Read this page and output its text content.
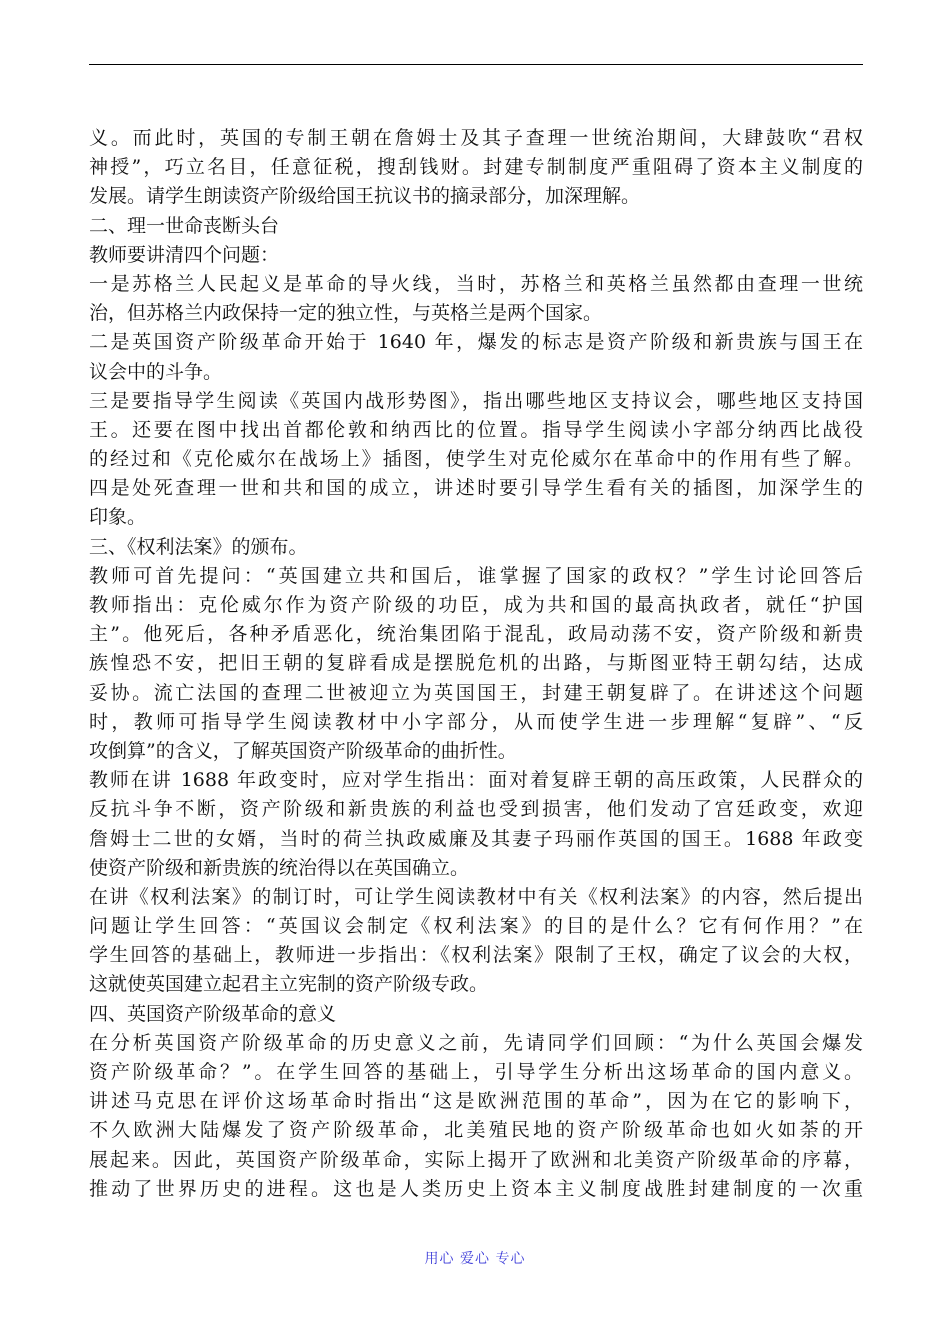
义。而此时，英国的专制王朝在詹姆士及其子查理一世统治期间，大肆鼓吹“君权
神授”，巧立名目，任意征税，搜刮钱财。封建专制制度严重阻碍了资本主义制度的
发展。请学生朗读资产阶级给国王抗议书的摘录部分，加深理解。
二、理一世命丧断头台
教师要讲清四个问题：
一是苏格兰人民起义是革命的导火线，当时，苏格兰和英格兰虽然都由查理一世统
治，但苏格兰内政保持一定的独立性，与英格兰是两个国家。
二是英国资产阶级革命开始于 1640 年，爆发的标志是资产阶级和新贵族与国王在
议会中的斗争。
三是要指导学生阅读《英国内战形势图》，指出哪些地区支持议会，哪些地区支持国
王。还要在图中找出首都伦敦和纳西比的位置。指导学生阅读小字部分纳西比战役
的经过和《克伦威尔在战场上》插图，使学生对克伦威尔在革命中的作用有些了解。
四是处死查理一世和共和国的成立，讲述时要引导学生看有关的插图，加深学生的
印象。
三、《权利法案》的颁布。
教师可首先提问：“英国建立共和国后，谁掌握了国家的政权？”学生讨论回答后
教师指出：克伦威尔作为资产阶级的功臣，成为共和国的最高执政者，就任“护国
主”。他死后，各种矛盾恶化，统治集团陷于混乱，政局动荡不安，资产阶级和新贵
族惶恐不安，把旧王朝的复辟看成是摆脱危机的出路，与斯图亚特王朝勾结，达成
妥协。流亡法国的查理二世被迎立为英国国王，封建王朝复辟了。在讲述这个问题
时，教师可指导学生阅读教材中小字部分，从而使学生进一步理解“复辟”、“反
攻倒算”的含义，了解英国资产阶级革命的曲折性。
教师在讲 1688 年政变时，应对学生指出：面对着复辟王朝的高压政策，人民群众的
反抗斗争不断，资产阶级和新贵族的利益也受到损害，他们发动了宫廷政变，欢迎
詹姆士二世的女婿，当时的荷兰执政威廉及其妻子玛丽作英国的国王。1688 年政变
使资产阶级和新贵族的统治得以在英国确立。
在讲《权利法案》的制订时，可让学生阅读教材中有关《权利法案》的内容，然后提出
问题让学生回答：“英国议会制定《权利法案》的目的是什么？它有何作用？”在
学生回答的基础上，教师进一步指出：《权利法案》限制了王权，确定了议会的大权，
这就使英国建立起君主立宪制的资产阶级专政。
四、英国资产阶级革命的意义
在分析英国资产阶级革命的历史意义之前，先请同学们回顾：“为什么英国会爆发
资产阶级革命？”。在学生回答的基础上，引导学生分析出这场革命的国内意义。
讲述马克思在评价这场革命时指出“这是欧洲范围的革命”，因为在它的影响下，
不久欧洲大陆爆发了资产阶级革命，北美殖民地的资产阶级革命也如火如荼的开
展起来。因此，英国资产阶级革命，实际上揭开了欧洲和北美资产阶级革命的序幕，
推动了世界历史的进程。这也是人类历史上资本主义制度战胜封建制度的一次重
用心 爱心 专心
